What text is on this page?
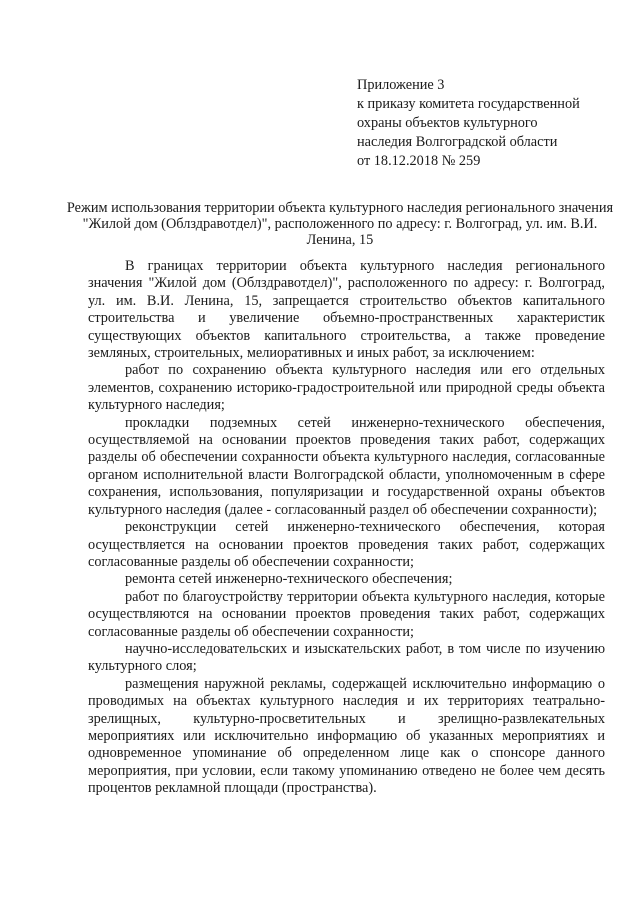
Приложение 3
к приказу комитета государственной
охраны объектов культурного
наследия Волгоградской области
от 18.12.2018 № 259
Режим использования территории объекта культурного наследия регионального значения "Жилой дом (Облздравотдел)", расположенного по адресу: г. Волгоград, ул. им. В.И. Ленина, 15

В границах территории объекта культурного наследия регионального значения "Жилой дом (Облздравотдел)", расположенного по адресу: г. Волгоград, ул. им. В.И. Ленина, 15, запрещается строительство объектов капитального строительства и увеличение объемно-пространственных характеристик существующих объектов капитального строительства, а также проведение земляных, строительных, мелиоративных и иных работ, за исключением:

работ по сохранению объекта культурного наследия или его отдельных элементов, сохранению историко-градостроительной или природной среды объекта культурного наследия;

прокладки подземных сетей инженерно-технического обеспечения, осуществляемой на основании проектов проведения таких работ, содержащих разделы об обеспечении сохранности объекта культурного наследия, согласованные органом исполнительной власти Волгоградской области, уполномоченным в сфере сохранения, использования, популяризации и государственной охраны объектов культурного наследия (далее - согласованный раздел об обеспечении сохранности);

реконструкции сетей инженерно-технического обеспечения, которая осуществляется на основании проектов проведения таких работ, содержащих согласованные разделы об обеспечении сохранности;

ремонта сетей инженерно-технического обеспечения;

работ по благоустройству территории объекта культурного наследия, которые осуществляются на основании проектов проведения таких работ, содержащих согласованные разделы об обеспечении сохранности;

научно-исследовательских и изыскательских работ, в том числе по изучению культурного слоя;

размещения наружной рекламы, содержащей исключительно информацию о проводимых на объектах культурного наследия и их территориях театрально-зрелищных, культурно-просветительных и зрелищно-развлекательных мероприятиях или исключительно информацию об указанных мероприятиях и одновременное упоминание об определенном лице как о спонсоре данного мероприятия, при условии, если такому упоминанию отведено не более чем десять процентов рекламной площади (пространства).
